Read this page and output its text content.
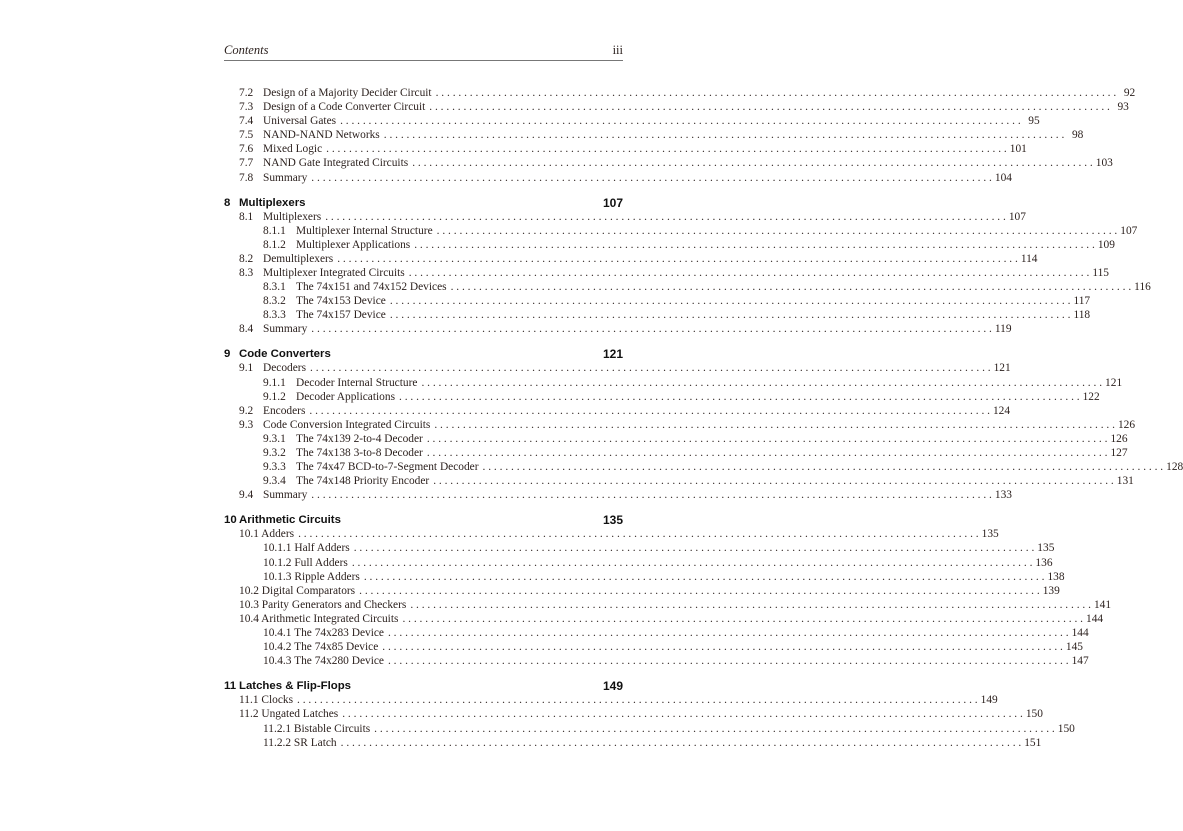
Contents	iii
7.2 Design of a Majority Decider Circuit . . . . . . . . . . . . . . . . . . . . . . . . . . . . . . . . . . . . . . . . . . . . . . . . . . . . . . . . . . . . . . . . . . . . . . . . . . . . . . . . . . . . . . . . . . . . . . . . . . . . . . . . . . . . . . . . . . . . . . . . 92
7.3 Design of a Code Converter Circuit . . . . . . . . . . . . . . . . . . . . . . . . . . . . . . . . . . . . . . . . . . . . . . . . . . . . . . . . . . . . . . . . . . . . . . . . . . . . . . . . . . . . . . . . . . . . . . . . . . . . . . . . . . . . . . . . . . . . . . . . 93
7.4 Universal Gates . . . . . . . . . . . . . . . . . . . . . . . . . . . . . . . . . . . . . . . . . . . . . . . . . . . . . . . . . . . . . . . . . . . . . . . . . . . . . . . . . . . . . . . . . . . . . . . . . . . . . . . . . . . . . . . . . . . . . . . . 95
7.5 NAND-NAND Networks . . . . . . . . . . . . . . . . . . . . . . . . . . . . . . . . . . . . . . . . . . . . . . . . . . . . . . . . . . . . . . . . . . . . . . . . . . . . . . . . . . . . . . . . . . . . . . . . . . . . . . . . . . . . . . . . . . . . . . . . 98
7.6 Mixed Logic . . . . . . . . . . . . . . . . . . . . . . . . . . . . . . . . . . . . . . . . . . . . . . . . . . . . . . . . . . . . . . . . . . . . . . . . . . . . . . . . . . . . . . . . . . . . . . . . . . . . . . . . . . . . . . . . . . . . . . . . 101
7.7 NAND Gate Integrated Circuits . . . . . . . . . . . . . . . . . . . . . . . . . . . . . . . . . . . . . . . . . . . . . . . . . . . . . . . . . . . . . . . . . . . . . . . . . . . . . . . . . . . . . . . . . . . . . . . . . . . . . . . . . . . . . . . . . . . . . . . . 103
7.8 Summary . . . . . . . . . . . . . . . . . . . . . . . . . . . . . . . . . . . . . . . . . . . . . . . . . . . . . . . . . . . . . . . . . . . . . . . . . . . . . . . . . . . . . . . . . . . . . . . . . . . . . . . . . . . . . . . . . . . . . . . . 104
8 Multiplexers	107
8.1 Multiplexers . . . . . . . . . . . . . . . . . . . . . . . . . . . . . . . . . . . . . . . . . . . . . . . . . . . . . . . . . . . . . . . . . . . . . . . . . . . . . . . . . . . . . . . . . . . . . . . . . . . . . . . . . . . . . . . . . . . . . . . . 107
8.1.1 Multiplexer Internal Structure . . . . . . . . . . . . . . . . . . . . . . . . . . . . . . . . . . . . . . . . . . . . . . . . . . . . . . . . . . . . . . . . . . . . . . . . . . . . . . . . . . . . . . . . . . . . . . . . . . . . . . . . . . . . . . . . . . . . . . . . 107
8.1.2 Multiplexer Applications . . . . . . . . . . . . . . . . . . . . . . . . . . . . . . . . . . . . . . . . . . . . . . . . . . . . . . . . . . . . . . . . . . . . . . . . . . . . . . . . . . . . . . . . . . . . . . . . . . . . . . . . . . . . . . . . . . . . . . . . 109
8.2 Demultiplexers . . . . . . . . . . . . . . . . . . . . . . . . . . . . . . . . . . . . . . . . . . . . . . . . . . . . . . . . . . . . . . . . . . . . . . . . . . . . . . . . . . . . . . . . . . . . . . . . . . . . . . . . . . . . . . . . . . . . . . . . 114
8.3 Multiplexer Integrated Circuits . . . . . . . . . . . . . . . . . . . . . . . . . . . . . . . . . . . . . . . . . . . . . . . . . . . . . . . . . . . . . . . . . . . . . . . . . . . . . . . . . . . . . . . . . . . . . . . . . . . . . . . . . . . . . . . . . . . . . . . . 115
8.3.1 The 74x151 and 74x152 Devices . . . . . . . . . . . . . . . . . . . . . . . . . . . . . . . . . . . . . . . . . . . . . . . . . . . . . . . . . . . . . . . . . . . . . . . . . . . . . . . . . . . . . . . . . . . . . . . . . . . . . . . . . . . . . . . . . . . . . . . . 116
8.3.2 The 74x153 Device . . . . . . . . . . . . . . . . . . . . . . . . . . . . . . . . . . . . . . . . . . . . . . . . . . . . . . . . . . . . . . . . . . . . . . . . . . . . . . . . . . . . . . . . . . . . . . . . . . . . . . . . . . . . . . . . . . . . . . . . 117
8.3.3 The 74x157 Device . . . . . . . . . . . . . . . . . . . . . . . . . . . . . . . . . . . . . . . . . . . . . . . . . . . . . . . . . . . . . . . . . . . . . . . . . . . . . . . . . . . . . . . . . . . . . . . . . . . . . . . . . . . . . . . . . . . . . . . . 118
8.4 Summary . . . . . . . . . . . . . . . . . . . . . . . . . . . . . . . . . . . . . . . . . . . . . . . . . . . . . . . . . . . . . . . . . . . . . . . . . . . . . . . . . . . . . . . . . . . . . . . . . . . . . . . . . . . . . . . . . . . . . . . . 119
9 Code Converters	121
9.1 Decoders . . . . . . . . . . . . . . . . . . . . . . . . . . . . . . . . . . . . . . . . . . . . . . . . . . . . . . . . . . . . . . . . . . . . . . . . . . . . . . . . . . . . . . . . . . . . . . . . . . . . . . . . . . . . . . . . . . . . . . . . 121
9.1.1 Decoder Internal Structure . . . . . . . . . . . . . . . . . . . . . . . . . . . . . . . . . . . . . . . . . . . . . . . . . . . . . . . . . . . . . . . . . . . . . . . . . . . . . . . . . . . . . . . . . . . . . . . . . . . . . . . . . . . . . . . . . . . . . . . . 121
9.1.2 Decoder Applications . . . . . . . . . . . . . . . . . . . . . . . . . . . . . . . . . . . . . . . . . . . . . . . . . . . . . . . . . . . . . . . . . . . . . . . . . . . . . . . . . . . . . . . . . . . . . . . . . . . . . . . . . . . . . . . . . . . . . . . . 122
9.2 Encoders . . . . . . . . . . . . . . . . . . . . . . . . . . . . . . . . . . . . . . . . . . . . . . . . . . . . . . . . . . . . . . . . . . . . . . . . . . . . . . . . . . . . . . . . . . . . . . . . . . . . . . . . . . . . . . . . . . . . . . . . 124
9.3 Code Conversion Integrated Circuits . . . . . . . . . . . . . . . . . . . . . . . . . . . . . . . . . . . . . . . . . . . . . . . . . . . . . . . . . . . . . . . . . . . . . . . . . . . . . . . . . . . . . . . . . . . . . . . . . . . . . . . . . . . . . . . . . . . . . . . . 126
9.3.1 The 74x139 2-to-4 Decoder . . . . . . . . . . . . . . . . . . . . . . . . . . . . . . . . . . . . . . . . . . . . . . . . . . . . . . . . . . . . . . . . . . . . . . . . . . . . . . . . . . . . . . . . . . . . . . . . . . . . . . . . . . . . . . . . . . . . . . . . 126
9.3.2 The 74x138 3-to-8 Decoder . . . . . . . . . . . . . . . . . . . . . . . . . . . . . . . . . . . . . . . . . . . . . . . . . . . . . . . . . . . . . . . . . . . . . . . . . . . . . . . . . . . . . . . . . . . . . . . . . . . . . . . . . . . . . . . . . . . . . . . . 127
9.3.3 The 74x47 BCD-to-7-Segment Decoder . . . . . . . . . . . . . . . . . . . . . . . . . . . . . . . . . . . . . . . . . . . . . . . . . . . . . . . . . . . . . . . . . . . . . . . . . . . . . . . . . . . . . . . . . . . . . . . . . . . . . . . . . . . . . . . . . . . . . . . . 128
9.3.4 The 74x148 Priority Encoder . . . . . . . . . . . . . . . . . . . . . . . . . . . . . . . . . . . . . . . . . . . . . . . . . . . . . . . . . . . . . . . . . . . . . . . . . . . . . . . . . . . . . . . . . . . . . . . . . . . . . . . . . . . . . . . . . . . . . . . . 131
9.4 Summary . . . . . . . . . . . . . . . . . . . . . . . . . . . . . . . . . . . . . . . . . . . . . . . . . . . . . . . . . . . . . . . . . . . . . . . . . . . . . . . . . . . . . . . . . . . . . . . . . . . . . . . . . . . . . . . . . . . . . . . . 133
10 Arithmetic Circuits	135
10.1 Adders . . . . . . . . . . . . . . . . . . . . . . . . . . . . . . . . . . . . . . . . . . . . . . . . . . . . . . . . . . . . . . . . . . . . . . . . . . . . . . . . . . . . . . . . . . . . . . . . . . . . . . . . . . . . . . . . . . . . . . . . 135
10.1.1 Half Adders . . . . . . . . . . . . . . . . . . . . . . . . . . . . . . . . . . . . . . . . . . . . . . . . . . . . . . . . . . . . . . . . . . . . . . . . . . . . . . . . . . . . . . . . . . . . . . . . . . . . . . . . . . . . . . . . . . . . . . . . 135
10.1.2 Full Adders . . . . . . . . . . . . . . . . . . . . . . . . . . . . . . . . . . . . . . . . . . . . . . . . . . . . . . . . . . . . . . . . . . . . . . . . . . . . . . . . . . . . . . . . . . . . . . . . . . . . . . . . . . . . . . . . . . . . . . . . 136
10.1.3 Ripple Adders . . . . . . . . . . . . . . . . . . . . . . . . . . . . . . . . . . . . . . . . . . . . . . . . . . . . . . . . . . . . . . . . . . . . . . . . . . . . . . . . . . . . . . . . . . . . . . . . . . . . . . . . . . . . . . . . . . . . . . . . 138
10.2 Digital Comparators . . . . . . . . . . . . . . . . . . . . . . . . . . . . . . . . . . . . . . . . . . . . . . . . . . . . . . . . . . . . . . . . . . . . . . . . . . . . . . . . . . . . . . . . . . . . . . . . . . . . . . . . . . . . . . . . . . . . . . . . 139
10.3 Parity Generators and Checkers . . . . . . . . . . . . . . . . . . . . . . . . . . . . . . . . . . . . . . . . . . . . . . . . . . . . . . . . . . . . . . . . . . . . . . . . . . . . . . . . . . . . . . . . . . . . . . . . . . . . . . . . . . . . . . . . . . . . . . . . 141
10.4 Arithmetic Integrated Circuits . . . . . . . . . . . . . . . . . . . . . . . . . . . . . . . . . . . . . . . . . . . . . . . . . . . . . . . . . . . . . . . . . . . . . . . . . . . . . . . . . . . . . . . . . . . . . . . . . . . . . . . . . . . . . . . . . . . . . . . . 144
10.4.1 The 74x283 Device . . . . . . . . . . . . . . . . . . . . . . . . . . . . . . . . . . . . . . . . . . . . . . . . . . . . . . . . . . . . . . . . . . . . . . . . . . . . . . . . . . . . . . . . . . . . . . . . . . . . . . . . . . . . . . . . . . . . . . . . 144
10.4.2 The 74x85 Device . . . . . . . . . . . . . . . . . . . . . . . . . . . . . . . . . . . . . . . . . . . . . . . . . . . . . . . . . . . . . . . . . . . . . . . . . . . . . . . . . . . . . . . . . . . . . . . . . . . . . . . . . . . . . . . . . . . . . . . . 145
10.4.3 The 74x280 Device . . . . . . . . . . . . . . . . . . . . . . . . . . . . . . . . . . . . . . . . . . . . . . . . . . . . . . . . . . . . . . . . . . . . . . . . . . . . . . . . . . . . . . . . . . . . . . . . . . . . . . . . . . . . . . . . . . . . . . . . 147
11 Latches & Flip-Flops	149
11.1 Clocks . . . . . . . . . . . . . . . . . . . . . . . . . . . . . . . . . . . . . . . . . . . . . . . . . . . . . . . . . . . . . . . . . . . . . . . . . . . . . . . . . . . . . . . . . . . . . . . . . . . . . . . . . . . . . . . . . . . . . . . . 149
11.2 Ungated Latches . . . . . . . . . . . . . . . . . . . . . . . . . . . . . . . . . . . . . . . . . . . . . . . . . . . . . . . . . . . . . . . . . . . . . . . . . . . . . . . . . . . . . . . . . . . . . . . . . . . . . . . . . . . . . . . . . . . . . . . . 150
11.2.1 Bistable Circuits . . . . . . . . . . . . . . . . . . . . . . . . . . . . . . . . . . . . . . . . . . . . . . . . . . . . . . . . . . . . . . . . . . . . . . . . . . . . . . . . . . . . . . . . . . . . . . . . . . . . . . . . . . . . . . . . . . . . . . . . 150
11.2.2 SR Latch . . . . . . . . . . . . . . . . . . . . . . . . . . . . . . . . . . . . . . . . . . . . . . . . . . . . . . . . . . . . . . . . . . . . . . . . . . . . . . . . . . . . . . . . . . . . . . . . . . . . . . . . . . . . . . . . . . . . . . . . 151
